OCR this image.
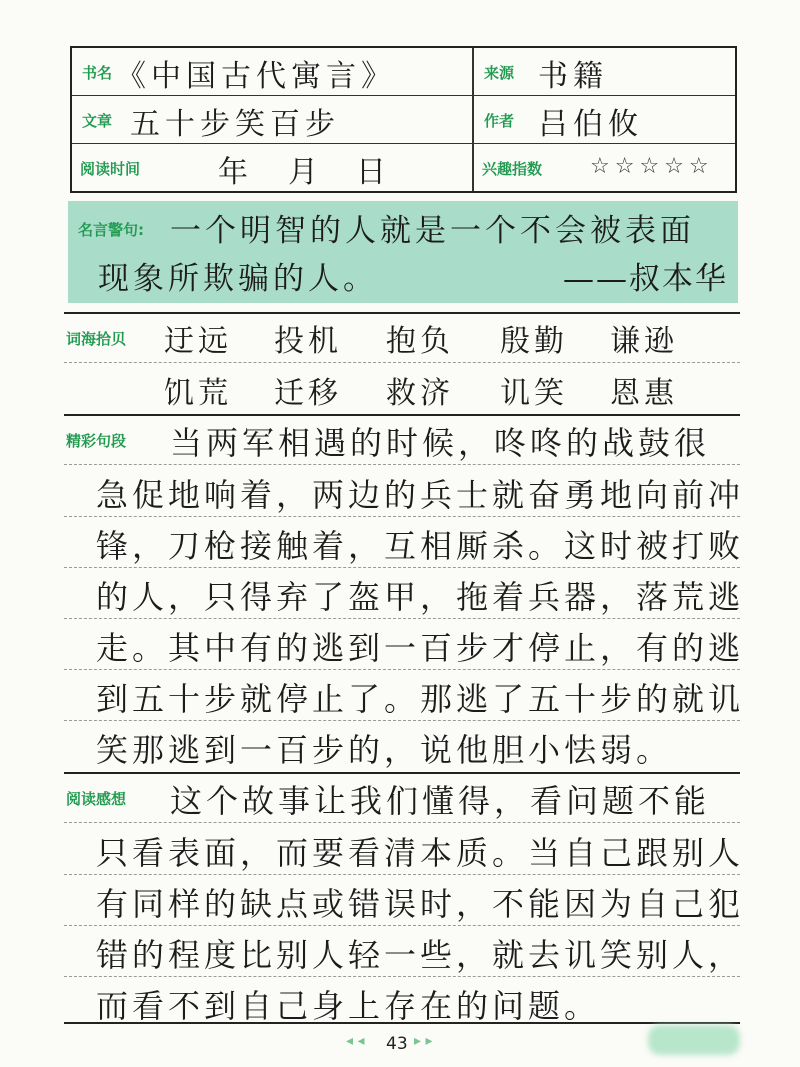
书名 《中国古代寓言》	来源 书籍
文章 五十步笑百步	作者 吕伯攸
阅读时间	年 月 日	兴趣指数 ☆☆☆☆☆
名言警句: 一个明智的人就是一个不会被表面
现象所欺骗的人。	——叔本华
词海拾贝 迂远 投机 抱负 殷勤 谦逊
饥荒 迁移 救济 讥笑 恩惠
精彩句段 当两军相遇的时候，咚咚的战鼓很
急促地响着，两边的兵士就奋勇地向前冲
锋，刀枪接触着，互相厮杀。这时被打败
的人，只得弃了盔甲，拖着兵器，落荒逃
走。其中有的逃到一百步才停止，有的逃
到五十步就停止了。那逃了五十步的就讥
笑那逃到一百步的，说他胆小怯弱。
阅读感想 这个故事让我们懂得，看问题不能
只看表面，而要看清本质。当自己跟别人
有同样的缺点或错误时，不能因为自己犯
错的程度比别人轻一些，就去讥笑别人，
而看不到自己身上存在的问题。
◂ ◂ 43 ▸ ▸
